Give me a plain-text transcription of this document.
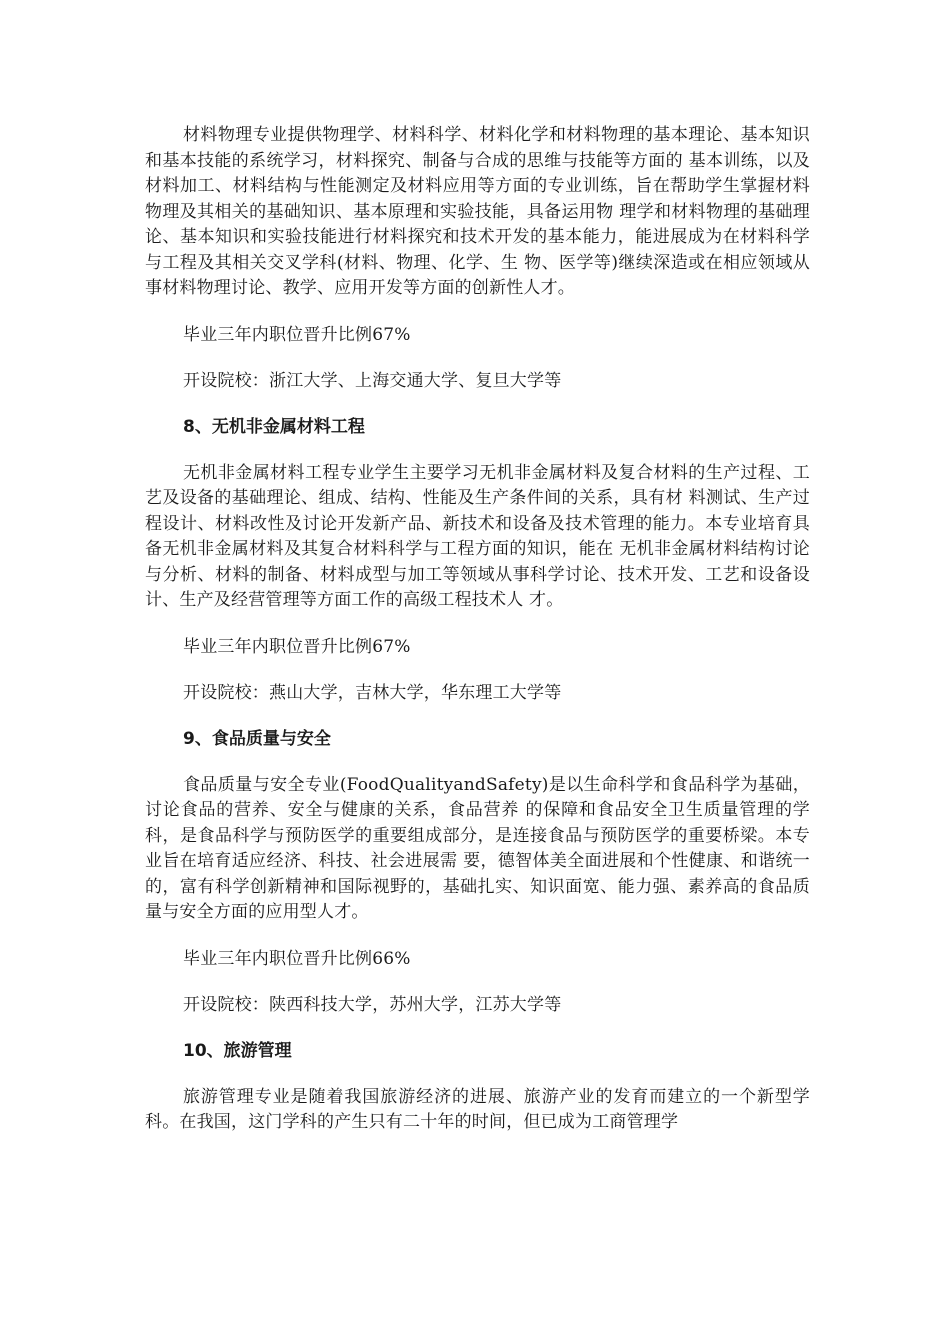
材料物理专业提供物理学、材料科学、材料化学和材料物理的基本理论、基本知识和基本技能的系统学习，材料探究、制备与合成的思维与技能等方面的 基本训练，以及材料加工、材料结构与性能测定及材料应用等方面的专业训练，旨在帮助学生掌握材料物理及其相关的基础知识、基本原理和实验技能，具备运用物 理学和材料物理的基础理论、基本知识和实验技能进行材料探究和技术开发的基本能力，能进展成为在材料科学与工程及其相关交叉学科(材料、物理、化学、生 物、医学等)继续深造或在相应领域从事材料物理讨论、教学、应用开发等方面的创新性人才。

毕业三年内职位晋升比例67%

开设院校：浙江大学、上海交通大学、复旦大学等

8、无机非金属材料工程

无机非金属材料工程专业学生主要学习无机非金属材料及复合材料的生产过程、工艺及设备的基础理论、组成、结构、性能及生产条件间的关系，具有材 料测试、生产过程设计、材料改性及讨论开发新产品、新技术和设备及技术管理的能力。本专业培育具备无机非金属材料及其复合材料科学与工程方面的知识，能在 无机非金属材料结构讨论与分析、材料的制备、材料成型与加工等领域从事科学讨论、技术开发、工艺和设备设计、生产及经营管理等方面工作的高级工程技术人 才。

毕业三年内职位晋升比例67%

开设院校：燕山大学，吉林大学，华东理工大学等

9、食品质量与安全

食品质量与安全专业(FoodQualityandSafety)是以生命科学和食品科学为基础，讨论食品的营养、安全与健康的关系，食品营养 的保障和食品安全卫生质量管理的学科，是食品科学与预防医学的重要组成部分，是连接食品与预防医学的重要桥梁。本专业旨在培育适应经济、科技、社会进展需 要，德智体美全面进展和个性健康、和谐统一的，富有科学创新精神和国际视野的，基础扎实、知识面宽、能力强、素养高的食品质量与安全方面的应用型人才。

毕业三年内职位晋升比例66%

开设院校：陕西科技大学，苏州大学，江苏大学等

10、旅游管理

旅游管理专业是随着我国旅游经济的进展、旅游产业的发育而建立的一个新型学科。在我国，这门学科的产生只有二十年的时间，但已成为工商管理学
